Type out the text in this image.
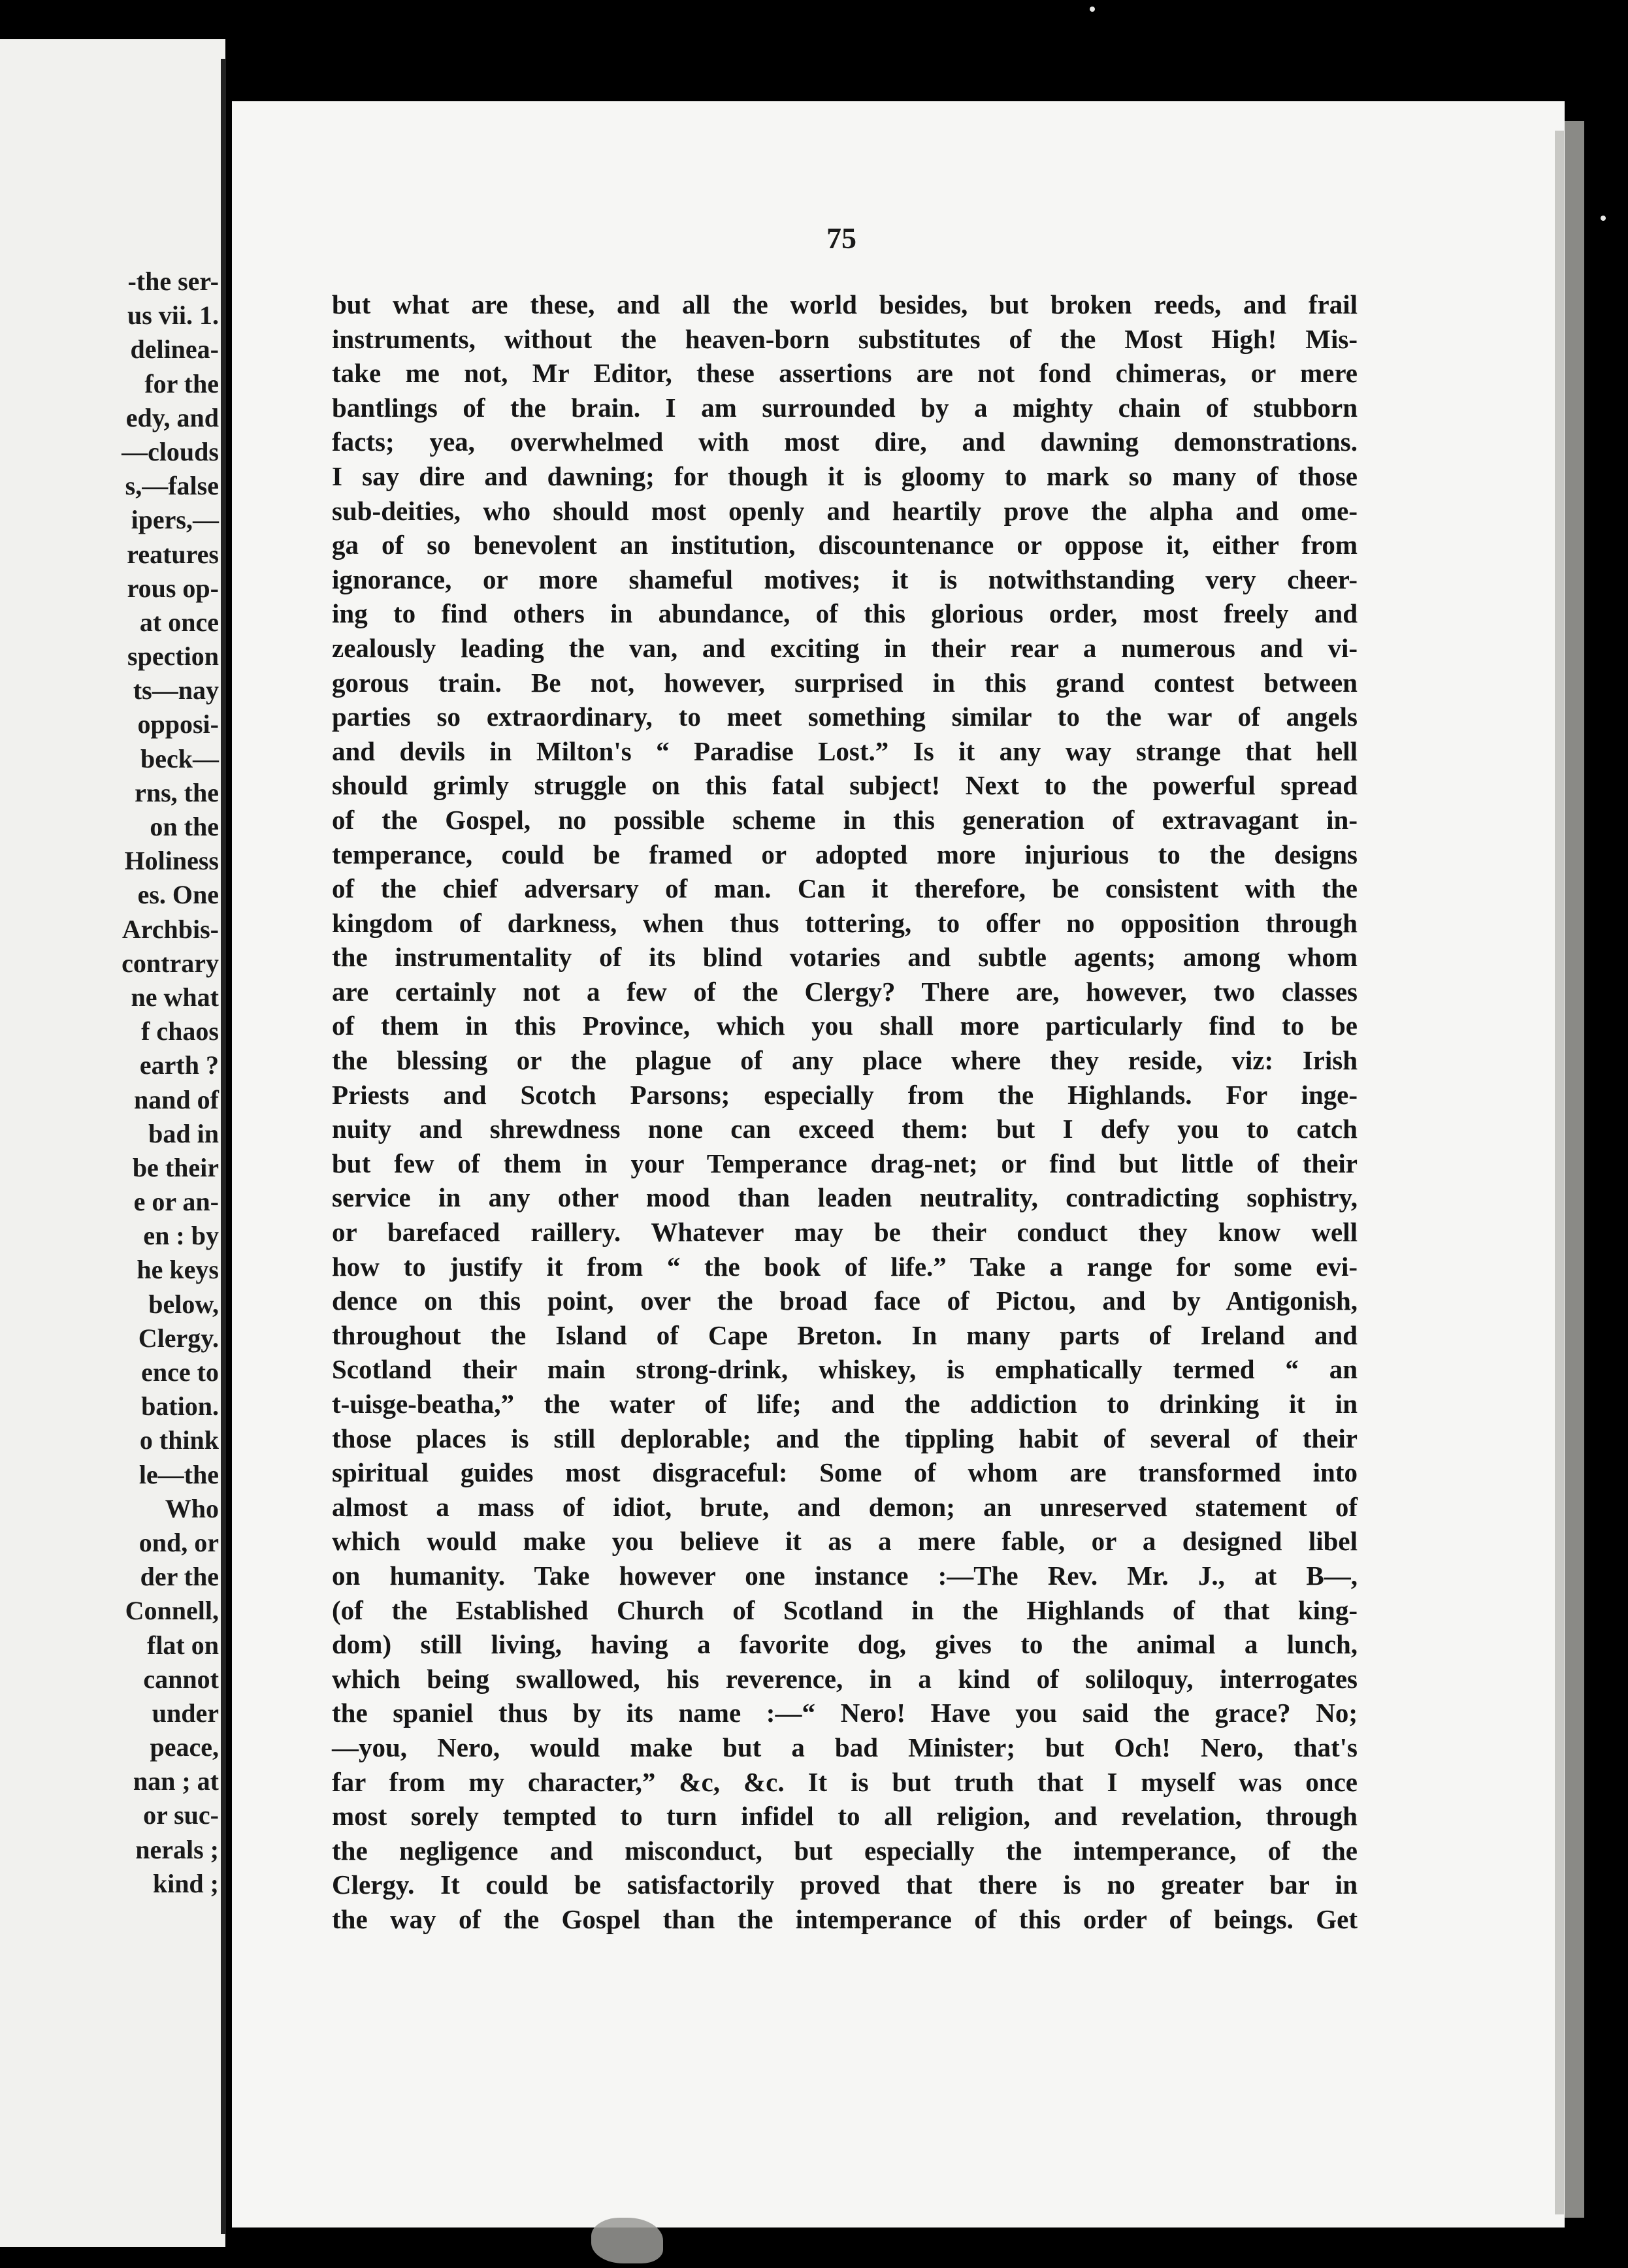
-the ser-
us vii. 1.
delinea-
for the
edy, and
—clouds
s,—false
ipers,—
reatures
rous op-
at once
spection
ts—nay
opposi-
beck—
rns, the
on the
Holiness
es. One
Archbis-
contrary
ne what
f chaos
earth ?
nand of
bad in
be their
e or an-
en : by
he keys
below,
Clergy.
ence to
bation.
o think
le—the
Who
ond, or
der the
Connell,
flat on
cannot
under
peace,
nan ; at
or suc-
nerals ;
kind ;
75
but what are these, and all the world besides, but broken reeds, and frail
instruments, without the heaven-born substitutes of the Most High! Mis-
take me not, Mr Editor, these assertions are not fond chimeras, or mere
bantlings of the brain. I am surrounded by a mighty chain of stubborn
facts; yea, overwhelmed with most dire, and dawning demonstrations.
I say dire and dawning; for though it is gloomy to mark so many of those
sub-deities, who should most openly and heartily prove the alpha and ome-
ga of so benevolent an institution, discountenance or oppose it, either from
ignorance, or more shameful motives; it is notwithstanding very cheer-
ing to find others in abundance, of this glorious order, most freely and
zealously leading the van, and exciting in their rear a numerous and vi-
gorous train. Be not, however, surprised in this grand contest between
parties so extraordinary, to meet something similar to the war of angels
and devils in Milton's “ Paradise Lost.” Is it any way strange that hell
should grimly struggle on this fatal subject! Next to the powerful spread
of the Gospel, no possible scheme in this generation of extravagant in-
temperance, could be framed or adopted more injurious to the designs
of the chief adversary of man. Can it therefore, be consistent with the
kingdom of darkness, when thus tottering, to offer no opposition through
the instrumentality of its blind votaries and subtle agents; among whom
are certainly not a few of the Clergy? There are, however, two classes
of them in this Province, which you shall more particularly find to be
the blessing or the plague of any place where they reside, viz: Irish
Priests and Scotch Parsons; especially from the Highlands. For inge-
nuity and shrewdness none can exceed them: but I defy you to catch
but few of them in your Temperance drag-net; or find but little of their
service in any other mood than leaden neutrality, contradicting sophistry,
or barefaced raillery. Whatever may be their conduct they know well
how to justify it from “ the book of life.” Take a range for some evi-
dence on this point, over the broad face of Pictou, and by Antigonish,
throughout the Island of Cape Breton. In many parts of Ireland and
Scotland their main strong-drink, whiskey, is emphatically termed “ an
t-uisge-beatha,” the water of life; and the addiction to drinking it in
those places is still deplorable; and the tippling habit of several of their
spiritual guides most disgraceful: Some of whom are transformed into
almost a mass of idiot, brute, and demon; an unreserved statement of
which would make you believe it as a mere fable, or a designed libel
on humanity. Take however one instance :—The Rev. Mr. J., at B—,
(of the Established Church of Scotland in the Highlands of that king-
dom) still living, having a favorite dog, gives to the animal a lunch,
which being swallowed, his reverence, in a kind of soliloquy, interrogates
the spaniel thus by its name :—“ Nero! Have you said the grace? No;
—you, Nero, would make but a bad Minister; but Och! Nero, that's
far from my character,” &c, &c. It is but truth that I myself was once
most sorely tempted to turn infidel to all religion, and revelation, through
the negligence and misconduct, but especially the intemperance, of the
Clergy. It could be satisfactorily proved that there is no greater bar in
the way of the Gospel than the intemperance of this order of beings. Get
